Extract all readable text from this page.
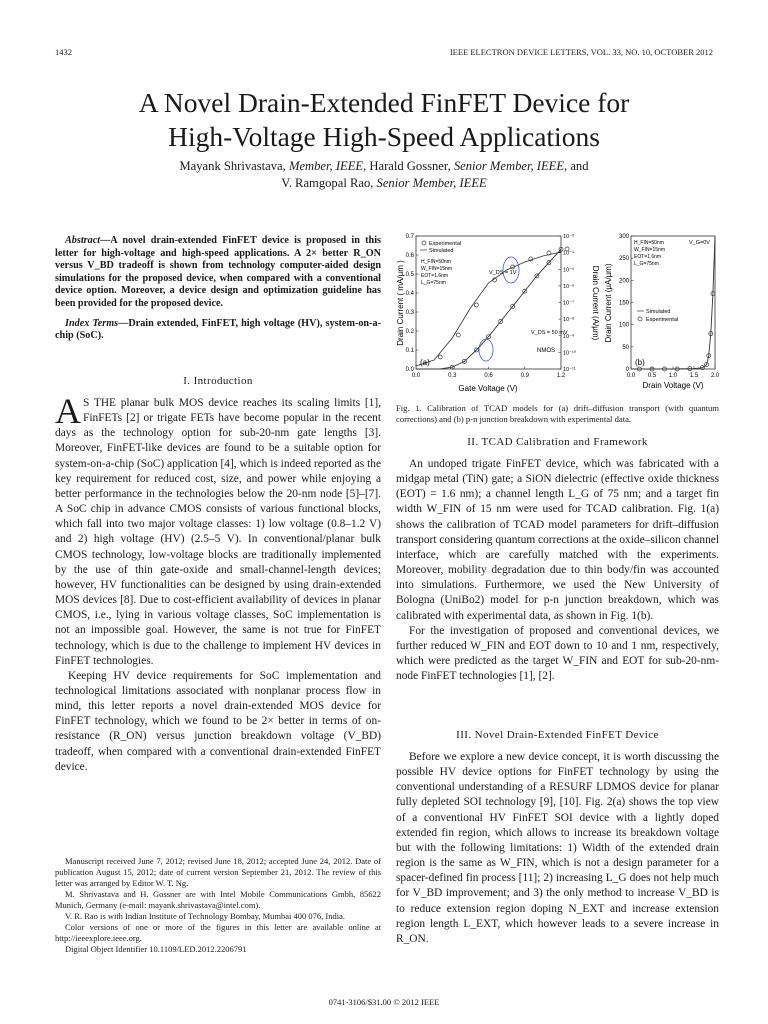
1432	IEEE ELECTRON DEVICE LETTERS, VOL. 33, NO. 10, OCTOBER 2012
A Novel Drain-Extended FinFET Device for
High-Voltage High-Speed Applications
Mayank Shrivastava, Member, IEEE, Harald Gossner, Senior Member, IEEE, and
V. Ramgopal Rao, Senior Member, IEEE

Abstract—A novel drain-extended FinFET device is proposed in this letter for high-voltage and high-speed applications. A 2× better R_ON versus V_BD tradeoff is shown from technology computer-aided design simulations for the proposed device, when compared with a conventional device option. Moreover, a device design and optimization guideline has been provided for the proposed device.

Index Terms—Drain extended, FinFET, high voltage (HV), system-on-a-chip (SoC).

I. Introduction

A S THE planar bulk MOS device reaches its scaling limits [1], FinFETs [2] or trigate FETs have become popular in the recent days as the technology option for sub-20-nm gate lengths [3]. Moreover, FinFET-like devices are found to be a suitable option for system-on-a-chip (SoC) application [4], which is indeed reported as the key requirement for reduced cost, size, and power while enjoying a better performance in the technologies below the 20-nm node [5]–[7]. A SoC chip in advance CMOS consists of various functional blocks, which fall into two major voltage classes: 1) low voltage (0.8–1.2 V) and 2) high voltage (HV) (2.5–5 V). In conventional/planar bulk CMOS technology, low-voltage blocks are traditionally implemented by the use of thin gate-oxide and small-channel-length devices; however, HV functionalities can be designed by using drain-extended MOS devices [8]. Due to cost-efficient availability of devices in planar CMOS, i.e., lying in various voltage classes, SoC implementation is not an impossible goal. However, the same is not true for FinFET technology, which is due to the challenge to implement HV devices in FinFET technologies.

Keeping HV device requirements for SoC implementation and technological limitations associated with nonplanar process flow in mind, this letter reports a novel drain-extended MOS device for FinFET technology, which we found to be 2× better in terms of on-resistance (R_ON) versus junction breakdown voltage (V_BD) tradeoff, when compared with a conventional drain-extended FinFET device.

Manuscript received June 7, 2012; revised June 18, 2012; accepted June 24, 2012. Date of publication August 15, 2012; date of current version September 21, 2012. The review of this letter was arranged by Editor W. T. Ng.
M. Shrivastava and H. Gossner are with Intel Mobile Communications Gmbh, 85622 Munich, Germany (e-mail: mayank.shrivastava@intel.com).
V. R. Rao is with Indian Institute of Technology Bombay, Mumbai 400 076, India.
Color versions of one or more of the figures in this letter are available online at http://ieeexplore.ieee.org.
Digital Object Identifier 10.1109/LED.2012.2206791
0.0	0.3	0.6	0.9	1.2
0.0
0.1
0.2
0.3
0.4
0.5
0.6
0.7
10⁻¹¹
10⁻¹⁰
10⁻⁹
10⁻⁸
10⁻⁷
10⁻⁶
10⁻⁵
10⁻⁴
10⁻³
Gate Voltage (V)
Drain Current ( mA/µm )	Drain Current (A/µm)
(a)
Experimental
Simulated
H_FIN=50nm
W_FIN=15nm
EOT=1.6nm
L_G=75nm
V_DS = 1V
V_DS = 50 mV
NMOS
0.0 0.5 1.0 1.5 2.0
0
50
100
150
200
250
300
Drain Voltage (V)
Drain Current (µA/µm)
(b)
H_FIN=50nm
W_FIN=15nm
EOT=1.6nm
L_G=75nm
V_G=0V
Simulated
Experimental
Fig. 1. Calibration of TCAD models for (a) drift–diffusion transport (with quantum corrections) and (b) p-n junction breakdown with experimental data.
II. TCAD Calibration and Framework

An undoped trigate FinFET device, which was fabricated with a midgap metal (TiN) gate; a SiON dielectric (effective oxide thickness (EOT) = 1.6 nm); a channel length L_G of 75 nm; and a target fin width W_FIN of 15 nm were used for TCAD calibration. Fig. 1(a) shows the calibration of TCAD model parameters for drift–diffusion transport considering quantum corrections at the oxide–silicon channel interface, which are carefully matched with the experiments. Moreover, mobility degradation due to thin body/fin was accounted into simulations. Furthermore, we used the New University of Bologna (UniBo2) model for p-n junction breakdown, which was calibrated with experimental data, as shown in Fig. 1(b).

For the investigation of proposed and conventional devices, we further reduced W_FIN and EOT down to 10 and 1 nm, respectively, which were predicted as the target W_FIN and EOT for sub-20-nm-node FinFET technologies [1], [2].

III. Novel Drain-Extended FinFET Device

Before we explore a new device concept, it is worth discussing the possible HV device options for FinFET technology by using the conventional understanding of a RESURF LDMOS device for planar fully depleted SOI technology [9], [10]. Fig. 2(a) shows the top view of a conventional HV FinFET SOI device with a lightly doped extended fin region, which allows to increase its breakdown voltage but with the following limitations: 1) Width of the extended drain region is the same as W_FIN, which is not a design parameter for a spacer-defined fin process [11]; 2) increasing L_G does not help much for V_BD improvement; and 3) the only method to increase V_BD is to reduce extension region doping N_EXT and increase extension region length L_EXT, which however leads to a severe increase in R_ON.

0741-3106/$31.00 © 2012 IEEE
